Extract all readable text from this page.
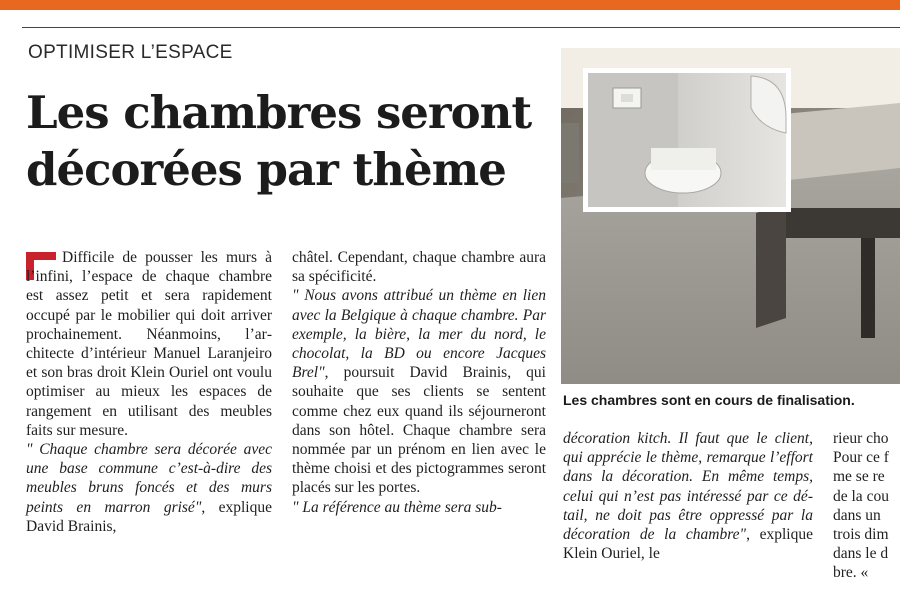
OPTIMISER L’ESPACE
Les chambres seront
décorées par thème

Difficile de pousser les murs à l’infini, l’espace de chaque chambre est assez petit et sera rapidement occupé par le mobilier qui doit arriver prochainement. Néanmoins, l’architecte d’intérieur Manuel Laranjeiro et son bras droit Klein Ouriel ont voulu optimiser au mieux les espaces de rangement en utilisant des meubles faits sur mesure.

" Chaque chambre sera décorée avec une base commune c’est-à-dire des meubles bruns foncés et des murs peints en marron grisé", explique David Brainis,

châtel. Cependant, chaque chambre aura sa spécificité.

" Nous avons attribué un thème en lien avec la Belgique à chaque chambre. Par exemple, la bière, la mer du nord, le chocolat, la BD ou encore Jacques Brel", poursuit David Brainis, qui souhaite que ses clients se sentent comme chez eux quand ils séjourneront dans son hôtel. Chaque chambre sera nommée par un prénom en lien avec le thème choisi et des pictogrammes seront placés sur les portes.

" La référence au thème sera sub-

Les chambres sont en cours de finalisation.

décoration kitch. Il faut que le client, qui apprécie le thème, remarque l’effort dans la décoration. En même temps, celui qui n’est pas intéressé par ce détail, ne doit pas être oppressé par la décoration de la chambre", explique Klein Ouriel, le

rieur cho
Pour ce f
me se re
de la cou
dans un
trois dim
dans le d
bre. «
